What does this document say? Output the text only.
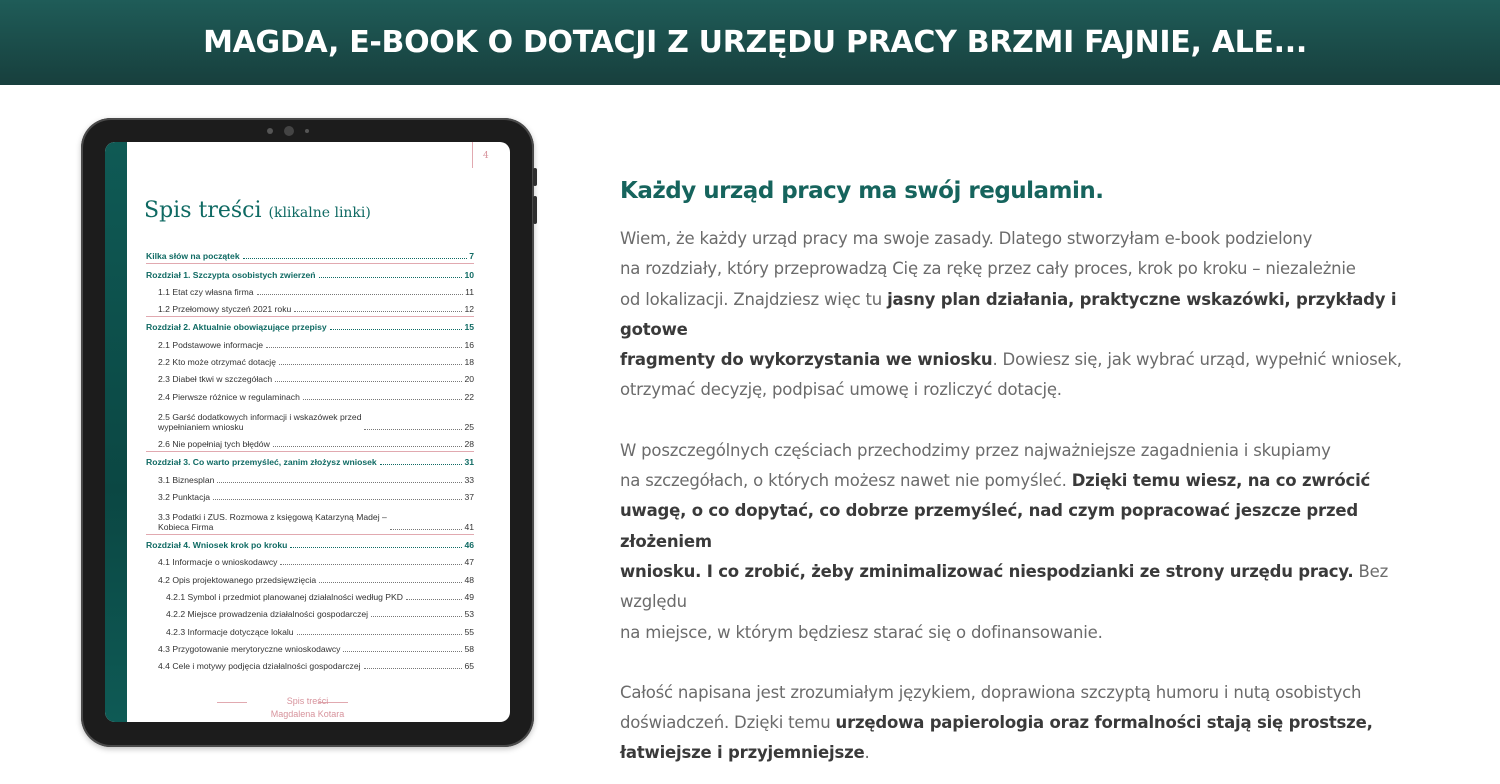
MAGDA, E-BOOK O DOTACJI Z URZĘDU PRACY BRZMI FAJNIE, ALE...
4
Spis treści (klikalne linki)
Kilka słów na początek	7
Rozdział 1. Szczypta osobistych zwierzeń	10
1.1 Etat czy własna firma	11
1.2 Przełomowy styczeń 2021 roku	12
Rozdział 2. Aktualnie obowiązujące przepisy	15
2.1 Podstawowe informacje	16
2.2 Kto może otrzymać dotację	18
2.3 Diabeł tkwi w szczegółach	20
2.4 Pierwsze różnice w regulaminach	22
2.5 Garść dodatkowych informacji i wskazówek przed
wypełnianiem wniosku	25
2.6 Nie popełniaj tych błędów	28
Rozdział 3. Co warto przemyśleć, zanim złożysz wniosek	31
3.1 Biznesplan	33
3.2 Punktacja	37
3.3 Podatki i ZUS. Rozmowa z księgową Katarzyną Madej –
Kobieca Firma	41
Rozdział 4. Wniosek krok po kroku	46
4.1 Informacje o wnioskodawcy	47
4.2 Opis projektowanego przedsięwzięcia	48
4.2.1 Symbol i przedmiot planowanej działalności według PKD	49
4.2.2 Miejsce prowadzenia działalności gospodarczej	53
4.2.3 Informacje dotyczące lokalu	55
4.3 Przygotowanie merytoryczne wnioskodawcy	58
4.4 Cele i motywy podjęcia działalności gospodarczej	65
Spis treści
Magdalena Kotara
Każdy urząd pracy ma swój regulamin.

Wiem, że każdy urząd pracy ma swoje zasady. Dlatego stworzyłam e-book podzielony
na rozdziały, który przeprowadzą Cię za rękę przez cały proces, krok po kroku – niezależnie
od lokalizacji. Znajdziesz więc tu jasny plan działania, praktyczne wskazówki, przykłady i gotowe
fragmenty do wykorzystania we wniosku. Dowiesz się, jak wybrać urząd, wypełnić wniosek,
otrzymać decyzję, podpisać umowę i rozliczyć dotację.

W poszczególnych częściach przechodzimy przez najważniejsze zagadnienia i skupiamy
na szczegółach, o których możesz nawet nie pomyśleć. Dzięki temu wiesz, na co zwrócić
uwagę, o co dopytać, co dobrze przemyśleć, nad czym popracować jeszcze przed złożeniem
wniosku. I co zrobić, żeby zminimalizować niespodzianki ze strony urzędu pracy. Bez względu
na miejsce, w którym będziesz starać się o dofinansowanie.

Całość napisana jest zrozumiałym językiem, doprawiona szczyptą humoru i nutą osobistych
doświadczeń. Dzięki temu urzędowa papierologia oraz formalności stają się prostsze,
łatwiejsze i przyjemniejsze.
